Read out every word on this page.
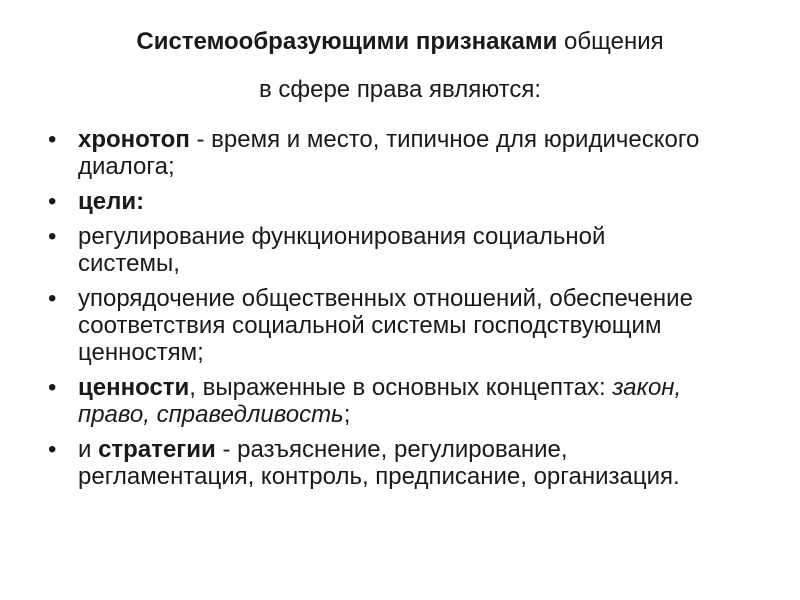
Системообразующими признаками общения
в сфере права являются:
• хронотоп - время и место, типичное для юридического диалога;
• цели:
• регулирование функционирования социальной системы,
• упорядочение общественных отношений, обеспечение соответствия социальной системы господствующим ценностям;
• ценности, выраженные в основных концептах: закон, право, справедливость;
• и стратегии - разъяснение, регулирование, регламентация, контроль, предписание, организация.
